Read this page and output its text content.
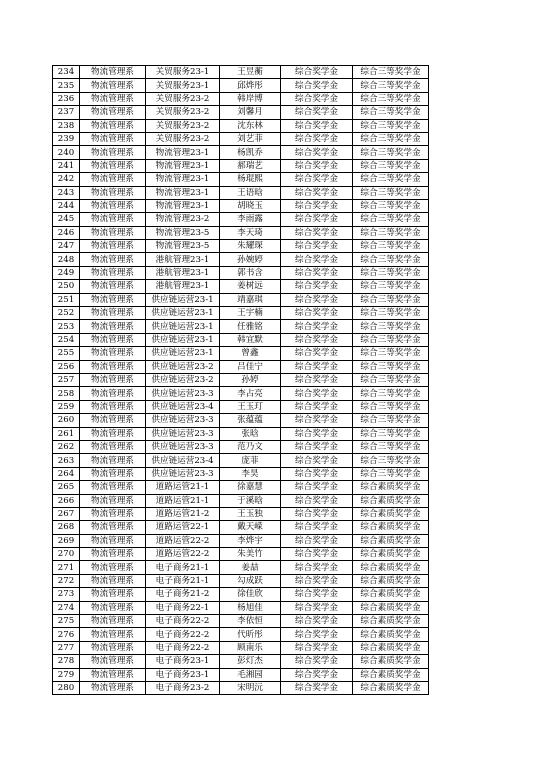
234	物流管理系	关贸服务23-1	王昱蘅	综合奖学金	综合三等奖学金
235	物流管理系	关贸服务23-1	邱烨彤	综合奖学金	综合三等奖学金
236	物流管理系	关贸服务23-2	韩岸博	综合奖学金	综合三等奖学金
237	物流管理系	关贸服务23-2	刘馨月	综合奖学金	综合三等奖学金
238	物流管理系	关贸服务23-2	沈东林	综合奖学金	综合三等奖学金
239	物流管理系	关贸服务23-2	刘艺菲	综合奖学金	综合三等奖学金
240	物流管理系	物流管理23-1	杨凯乔	综合奖学金	综合三等奖学金
241	物流管理系	物流管理23-1	郝瑞艺	综合奖学金	综合三等奖学金
242	物流管理系	物流管理23-1	杨琨熙	综合奖学金	综合三等奖学金
243	物流管理系	物流管理23-1	王语晗	综合奖学金	综合三等奖学金
244	物流管理系	物流管理23-1	胡晓玉	综合奖学金	综合三等奖学金
245	物流管理系	物流管理23-2	李雨露	综合奖学金	综合三等奖学金
246	物流管理系	物流管理23-5	李天琦	综合奖学金	综合三等奖学金
247	物流管理系	物流管理23-5	朱耀琛	综合奖学金	综合三等奖学金
248	物流管理系	港航管理23-1	孙婉婷	综合奖学金	综合三等奖学金
249	物流管理系	港航管理23-1	郭书含	综合奖学金	综合三等奖学金
250	物流管理系	港航管理23-1	姜树远	综合奖学金	综合三等奖学金
251	物流管理系	供应链运营23-1	靖嘉琪	综合奖学金	综合三等奖学金
252	物流管理系	供应链运营23-1	王宇楠	综合奖学金	综合三等奖学金
253	物流管理系	供应链运营23-1	任雅铭	综合奖学金	综合三等奖学金
254	物流管理系	供应链运营23-1	韩宜默	综合奖学金	综合三等奖学金
255	物流管理系	供应链运营23-1	曾鑫	综合奖学金	综合三等奖学金
256	物流管理系	供应链运营23-2	吕佳宁	综合奖学金	综合三等奖学金
257	物流管理系	供应链运营23-2	孙婷	综合奖学金	综合三等奖学金
258	物流管理系	供应链运营23-3	李占亮	综合奖学金	综合三等奖学金
259	物流管理系	供应链运营23-4	王玉玎	综合奖学金	综合三等奖学金
260	物流管理系	供应链运营23-3	张蕴蕴	综合奖学金	综合三等奖学金
261	物流管理系	供应链运营23-3	张晗	综合奖学金	综合三等奖学金
262	物流管理系	供应链运营23-3	范乃文	综合奖学金	综合三等奖学金
263	物流管理系	供应链运营23-4	庞菲	综合奖学金	综合三等奖学金
264	物流管理系	供应链运营23-3	李昊	综合奖学金	综合三等奖学金
265	物流管理系	道路运管21-1	徐嘉慧	综合奖学金	综合素质奖学金
266	物流管理系	道路运管21-1	于溪晗	综合奖学金	综合素质奖学金
267	物流管理系	道路运管21-2	王玉独	综合奖学金	综合素质奖学金
268	物流管理系	道路运管22-1	戴天嵘	综合奖学金	综合素质奖学金
269	物流管理系	道路运管22-2	李烨宇	综合奖学金	综合素质奖学金
270	物流管理系	道路运管22-2	朱美竹	综合奖学金	综合素质奖学金
271	物流管理系	电子商务21-1	姜喆	综合奖学金	综合素质奖学金
272	物流管理系	电子商务21-1	勾成跃	综合奖学金	综合素质奖学金
273	物流管理系	电子商务21-2	徐佳欣	综合奖学金	综合素质奖学金
274	物流管理系	电子商务22-1	杨旭佳	综合奖学金	综合素质奖学金
275	物流管理系	电子商务22-2	李依恒	综合奖学金	综合素质奖学金
276	物流管理系	电子商务22-2	代昕彤	综合奖学金	综合素质奖学金
277	物流管理系	电子商务22-2	顾南乐	综合奖学金	综合素质奖学金
278	物流管理系	电子商务23-1	彭灯杰	综合奖学金	综合素质奖学金
279	物流管理系	电子商务23-1	毛湘园	综合奖学金	综合素质奖学金
280	物流管理系	电子商务23-2	宋明沅	综合奖学金	综合素质奖学金
